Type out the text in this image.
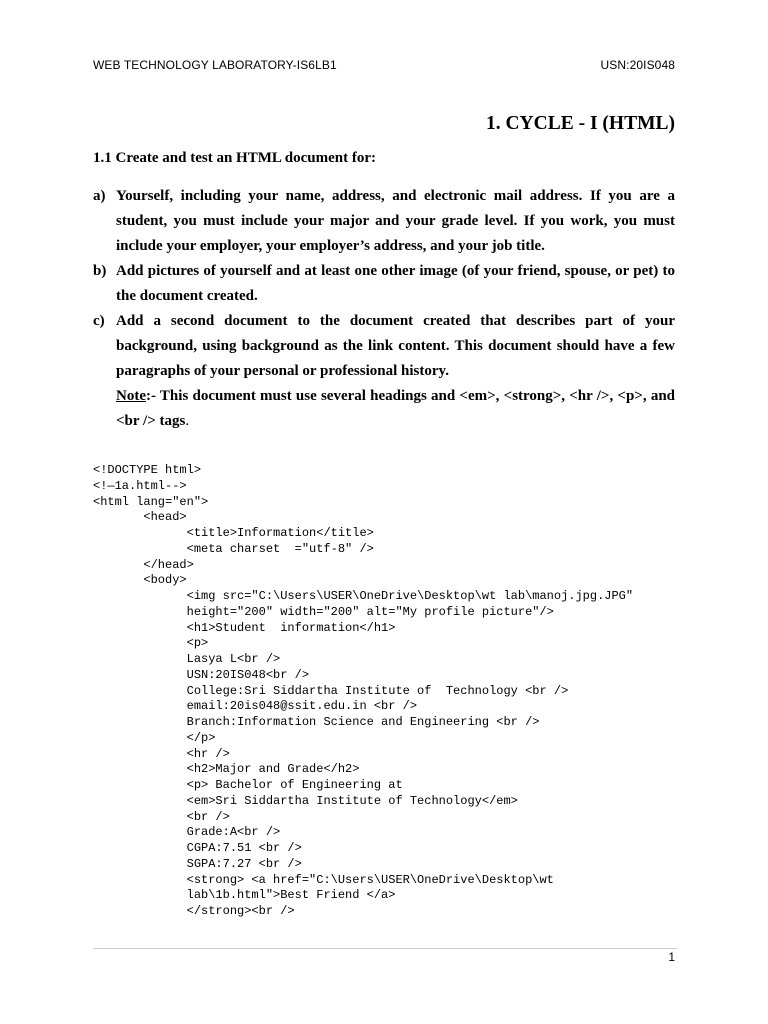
WEB TECHNOLOGY LABORATORY-IS6LB1	USN:20IS048
1. CYCLE - I (HTML)
1.1 Create and test an HTML document for:
a) Yourself, including your name, address, and electronic mail address. If you are a student, you must include your major and your grade level. If you work, you must include your employer, your employer’s address, and your job title.
b) Add pictures of yourself and at least one other image (of your friend, spouse, or pet) to the document created.
c) Add a second document to the document created that describes part of your background, using background as the link content. This document should have a few paragraphs of your personal or professional history.
Note:- This document must use several headings and <em>, <strong>, <hr />, <p>, and <br /> tags.
<!DOCTYPE html>
<!—1a.html-->
<html lang="en">
<head>
<title>Information</title>
<meta charset  ="utf-8" />
</head>
<body>
<img src="C:\Users\USER\OneDrive\Desktop\wt lab\manoj.jpg.JPG"
height="200" width="200" alt="My profile picture"/>
<h1>Student  information</h1>
<p>
Lasya L<br />
USN:20IS048<br />
College:Sri Siddartha Institute of  Technology <br />
email:20is048@ssit.edu.in <br />
Branch:Information Science and Engineering <br />
</p>
<hr />
<h2>Major and Grade</h2>
<p> Bachelor of Engineering at
<em>Sri Siddartha Institute of Technology</em>
<br />
Grade:A<br />
CGPA:7.51 <br />
SGPA:7.27 <br />
<strong> <a href="C:\Users\USER\OneDrive\Desktop\wt
lab\1b.html">Best Friend </a>
</strong><br />
1
